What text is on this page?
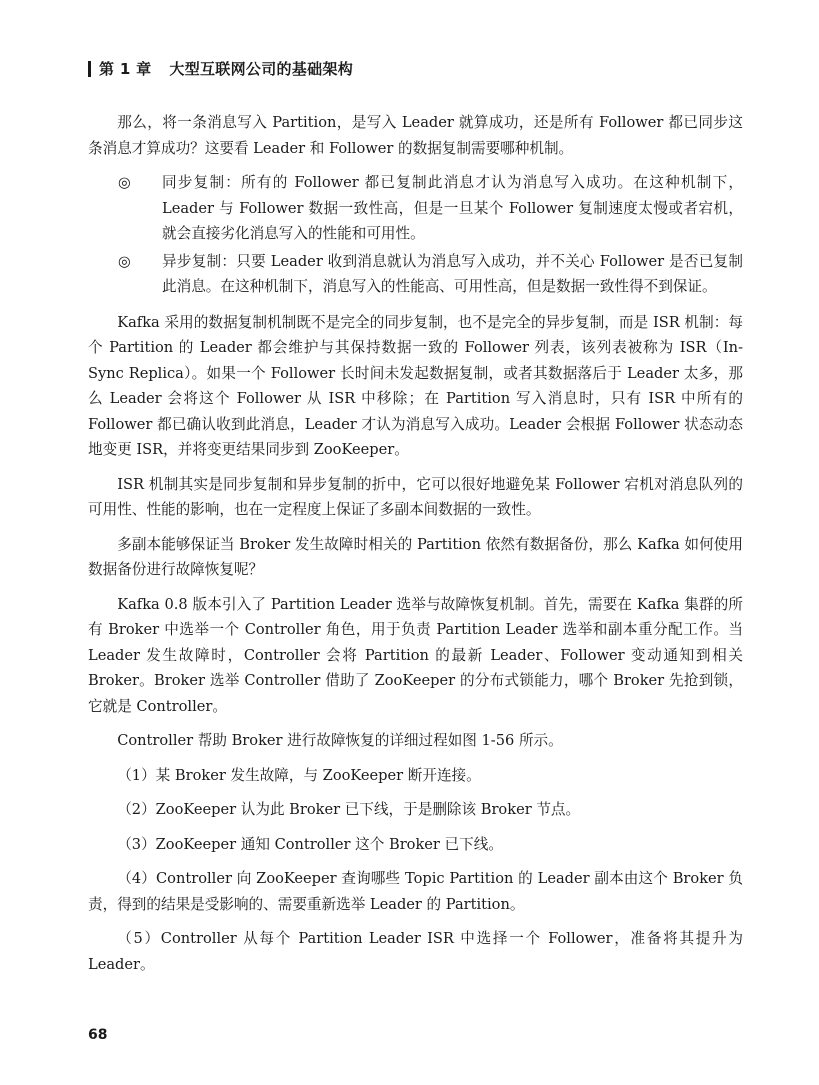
第 1 章 大型互联网公司的基础架构

那么，将一条消息写入 Partition，是写入 Leader 就算成功，还是所有 Follower 都已同步这条消息才算成功？这要看 Leader 和 Follower 的数据复制需要哪种机制。

◎	同步复制：所有的 Follower 都已复制此消息才认为消息写入成功。在这种机制下，Leader 与 Follower 数据一致性高，但是一旦某个 Follower 复制速度太慢或者宕机，就会直接劣化消息写入的性能和可用性。
◎	异步复制：只要 Leader 收到消息就认为消息写入成功，并不关心 Follower 是否已复制此消息。在这种机制下，消息写入的性能高、可用性高，但是数据一致性得不到保证。

Kafka 采用的数据复制机制既不是完全的同步复制，也不是完全的异步复制，而是 ISR 机制：每个 Partition 的 Leader 都会维护与其保持数据一致的 Follower 列表，该列表被称为 ISR（In-Sync Replica）。如果一个 Follower 长时间未发起数据复制，或者其数据落后于 Leader 太多，那么 Leader 会将这个 Follower 从 ISR 中移除；在 Partition 写入消息时，只有 ISR 中所有的 Follower 都已确认收到此消息，Leader 才认为消息写入成功。Leader 会根据 Follower 状态动态地变更 ISR，并将变更结果同步到 ZooKeeper。

ISR 机制其实是同步复制和异步复制的折中，它可以很好地避免某 Follower 宕机对消息队列的可用性、性能的影响，也在一定程度上保证了多副本间数据的一致性。

多副本能够保证当 Broker 发生故障时相关的 Partition 依然有数据备份，那么 Kafka 如何使用数据备份进行故障恢复呢？

Kafka 0.8 版本引入了 Partition Leader 选举与故障恢复机制。首先，需要在 Kafka 集群的所有 Broker 中选举一个 Controller 角色，用于负责 Partition Leader 选举和副本重分配工作。当 Leader 发生故障时，Controller 会将 Partition 的最新 Leader、Follower 变动通知到相关 Broker。Broker 选举 Controller 借助了 ZooKeeper 的分布式锁能力，哪个 Broker 先抢到锁，它就是 Controller。

Controller 帮助 Broker 进行故障恢复的详细过程如图 1-56 所示。

（1）某 Broker 发生故障，与 ZooKeeper 断开连接。

（2）ZooKeeper 认为此 Broker 已下线，于是删除该 Broker 节点。

（3）ZooKeeper 通知 Controller 这个 Broker 已下线。

（4）Controller 向 ZooKeeper 查询哪些 Topic Partition 的 Leader 副本由这个 Broker 负责，得到的结果是受影响的、需要重新选举 Leader 的 Partition。

（5）Controller 从每个 Partition Leader ISR 中选择一个 Follower，准备将其提升为 Leader。

68
